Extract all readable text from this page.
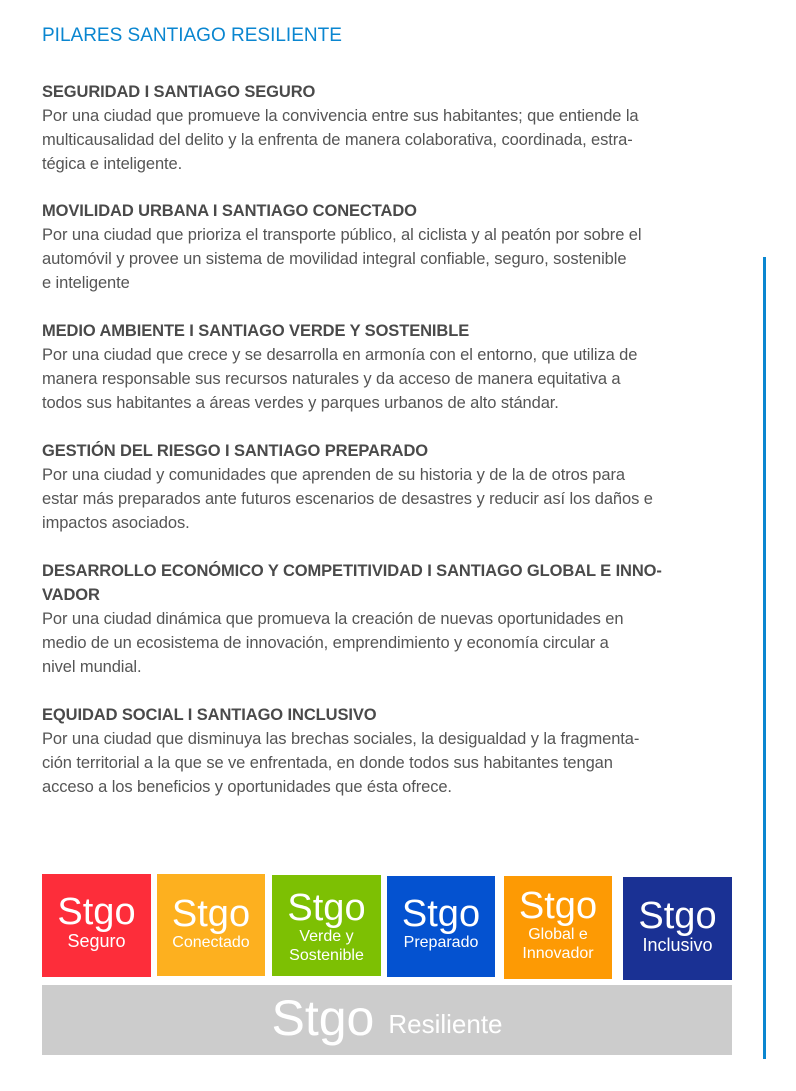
PILARES SANTIAGO RESILIENTE
SEGURIDAD I SANTIAGO SEGURO
Por una ciudad que promueve la convivencia entre sus habitantes; que entiende la
multicausalidad del delito y la enfrenta de manera colaborativa, coordinada, estra-
tégica e inteligente.
MOVILIDAD URBANA I SANTIAGO CONECTADO
Por una ciudad que prioriza el transporte público, al ciclista y al peatón por sobre el
automóvil y provee un sistema de movilidad integral confiable, seguro, sostenible
e inteligente
MEDIO AMBIENTE I SANTIAGO VERDE Y SOSTENIBLE
Por una ciudad que crece y se desarrolla en armonía con el entorno, que utiliza de
manera responsable sus recursos naturales y da acceso de manera equitativa a
todos sus habitantes a áreas verdes y parques urbanos de alto stándar.
GESTIÓN DEL RIESGO I SANTIAGO PREPARADO
Por una ciudad y comunidades que aprenden de su historia y de la de otros para
estar más preparados ante futuros escenarios de desastres y reducir así los daños e
impactos asociados.
DESARROLLO ECONÓMICO Y COMPETITIVIDAD I SANTIAGO GLOBAL E INNO-
VADOR
Por una ciudad dinámica que promueva la creación de nuevas oportunidades en
medio de un ecosistema de innovación, emprendimiento y economía circular a
nivel mundial.
EQUIDAD SOCIAL I SANTIAGO INCLUSIVO
Por una ciudad que disminuya las brechas sociales, la desigualdad y la fragmenta-
ción territorial a la que se ve enfrentada, en donde todos sus habitantes tengan
acceso a los beneficios y oportunidades que ésta ofrece.
Stgo
Seguro
Stgo
Conectado
Stgo
Verde y
Sostenible
Stgo
Preparado
Stgo
Global e
Innovador
Stgo
Inclusivo
Stgo Resiliente
